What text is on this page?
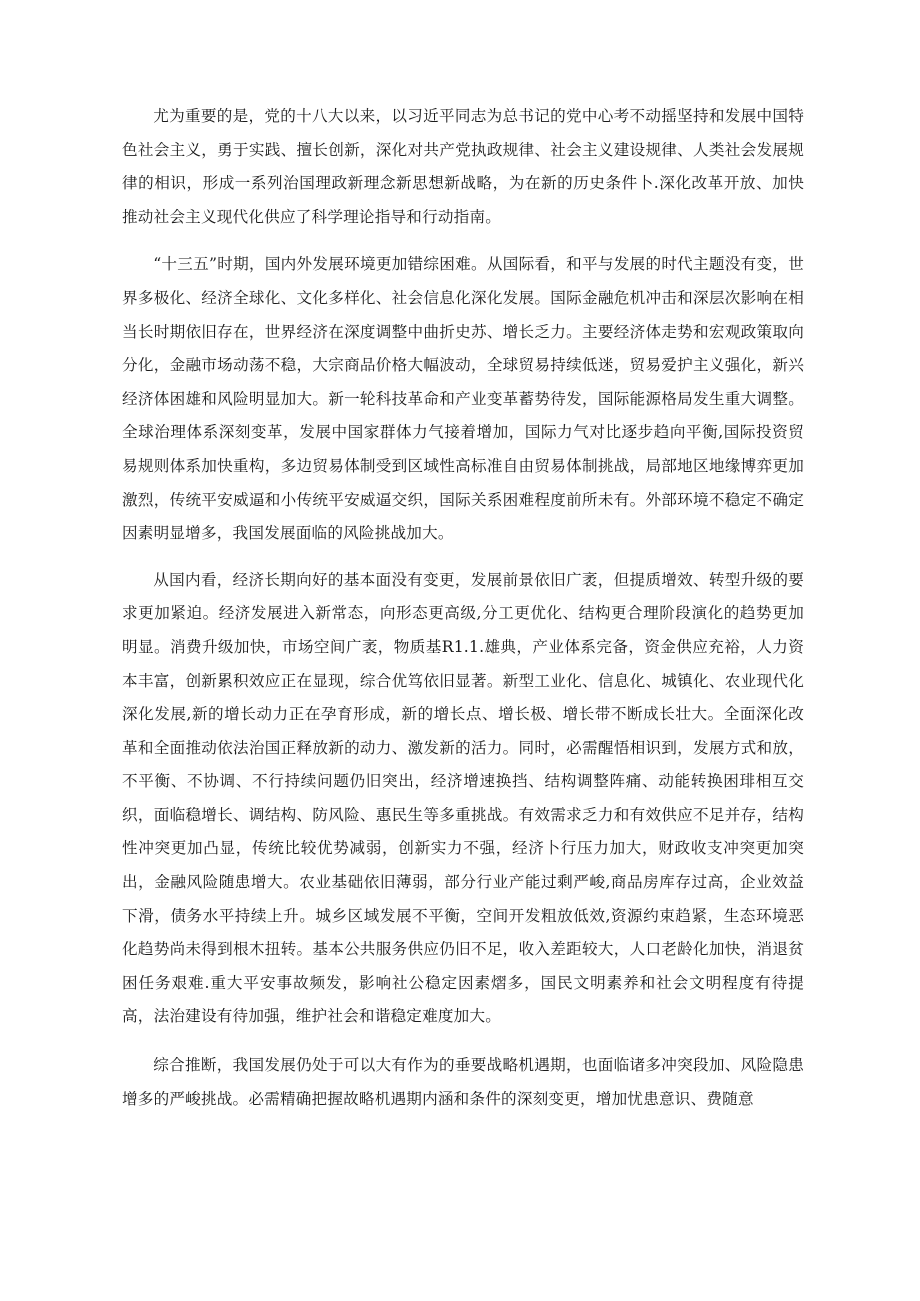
尤为重要的是，党的十八大以来，以习近平同志为总书记的党中心考不动摇坚持和发展中国特色社会主义，勇于实践、擅长创新，深化对共产党执政规律、社会主义建设规律、人类社会发展规律的相识，形成一系列治国理政新理念新思想新战略，为在新的历史条件卜.深化改革开放、加快推动社会主义现代化供应了科学理论指导和行动指南。

“十三五”时期，国内外发展环境更加错综困难。从国际看，和平与发展的时代主题没有变，世界多极化、经济全球化、文化多样化、社会信息化深化发展。国际金融危机冲击和深层次影响在相当长时期依旧存在，世界经济在深度调整中曲折史苏、增长乏力。主要经济体走势和宏观政策取向分化，金融市场动荡不稳，大宗商品价格大幅波动，全球贸易持续低迷，贸易爱护主义强化，新兴经济体困雄和风险明显加大。新一轮科技革命和产业变革蓄势待发，国际能源格局发生重大调整。全球治理体系深刻变革，发展中国家群体力气接着增加，国际力气对比逐步趋向平衡,国际投资贸易规则体系加快重构，多边贸易体制受到区域性高标准自由贸易体制挑战，局部地区地缘博弈更加激烈，传统平安威逼和小传统平安威逼交织，国际关系困难程度前所未有。外部环境不稳定不确定因素明显增多，我国发展面临的风险挑战加大。

从国内看，经济长期向好的基本面没有变更，发展前景依旧广袤，但提质增效、转型升级的要求更加紧迫。经济发展进入新常态，向形态更高级,分工更优化、结构更合理阶段演化的趋势更加明显。消费升级加快，市场空间广袤，物质基R1.1.雄典，产业体系完备，资金供应充裕，人力资本丰富，创新累积效应正在显现，综合优笃依旧显著。新型工业化、信息化、城镇化、农业现代化深化发展,新的增长动力正在孕育形成，新的增长点、增长极、增长带不断成长壮大。全面深化改革和全面推动依法治国正释放新的动力、激发新的活力。同时，必需醒悟相识到，发展方式和放，不平衡、不协调、不行持续问题仍旧突出，经济增速换挡、结构调整阵痛、动能转换困琲相互交织，面临稳增长、调结构、防风险、惠民生等多重挑战。有效需求乏力和有效供应不足并存，结构性冲突更加凸显，传统比较优势减弱，创新实力不强，经济卜行压力加大，财政收支冲突更加突出，金融风险随患增大。农业基础依旧薄弱，部分行业产能过剩严峻,商品房库存过高，企业效益下滑，债务水平持续上升。城乡区域发展不平衡，空间开发粗放低效,资源约束趋紧，生态环境恶化趋势尚未得到根木扭转。基本公共服务供应仍旧不足，收入差距较大，人口老龄化加快，消退贫困任务艰难.重大平安事故频发，影响社公稳定因素熠多，国民文明素养和社会文明程度有待提高，法治建设有待加强，维护社会和谐稳定难度加大。

综合推断，我国发展仍处于可以大有作为的垂要战略机遇期，也面临诸多冲突段加、风险隐患增多的严峻挑战。必需精确把握故略机遇期内涵和条件的深刻变更，增加忧患意识、费随意
